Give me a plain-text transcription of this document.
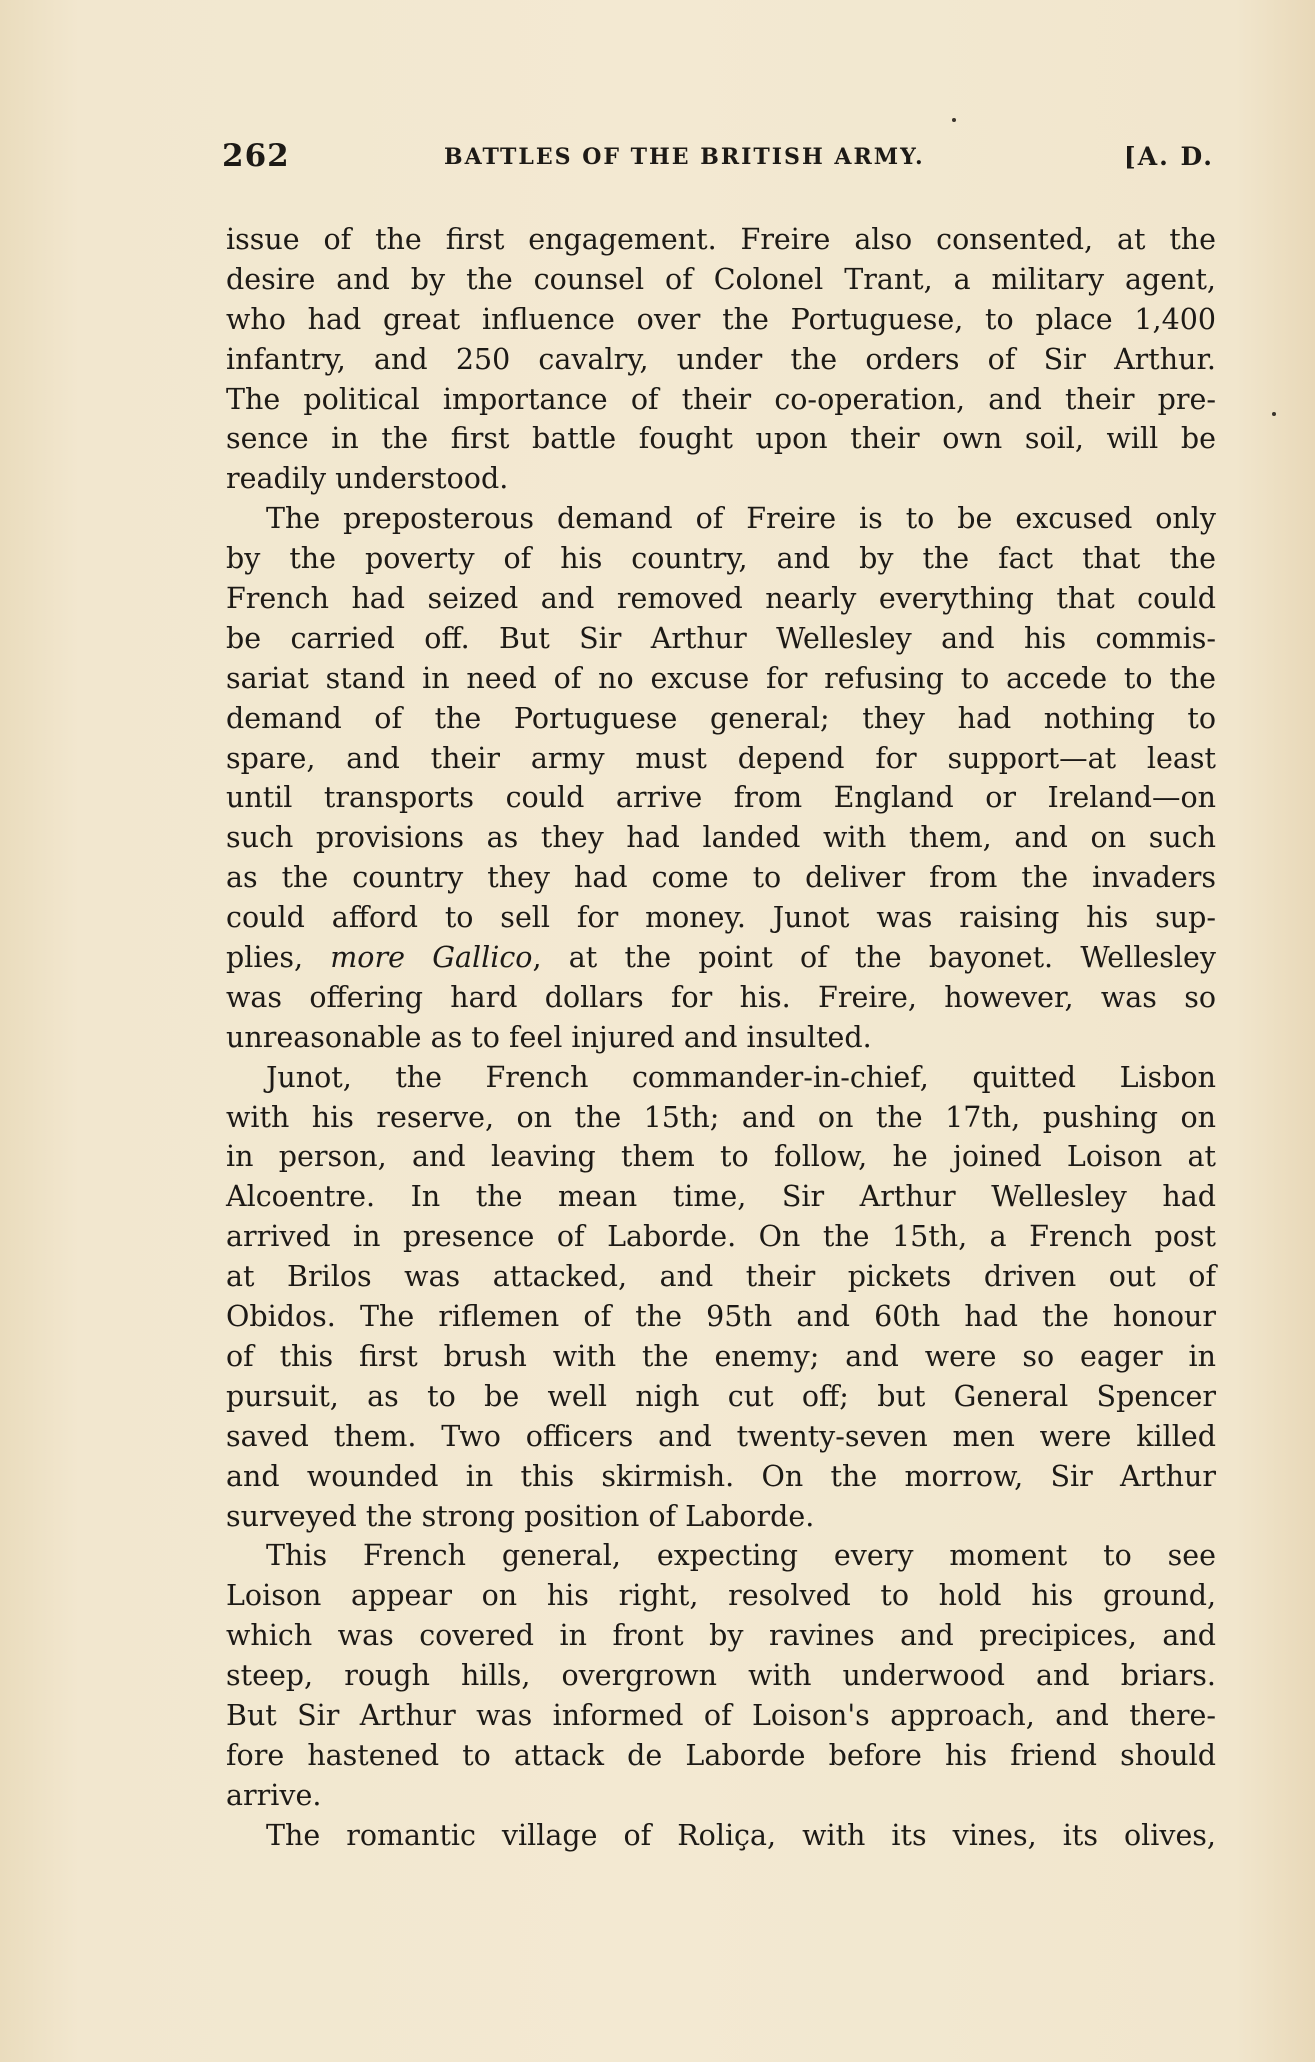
262	BATTLES OF THE BRITISH ARMY.	[A. D.
issue of the first engagement. Freire also consented, at the
desire and by the counsel of Colonel Trant, a military agent,
who had great influence over the Portuguese, to place 1,400
infantry, and 250 cavalry, under the orders of Sir Arthur.
The political importance of their co-operation, and their pre-
sence in the first battle fought upon their own soil, will be
readily understood.
The preposterous demand of Freire is to be excused only
by the poverty of his country, and by the fact that the
French had seized and removed nearly everything that could
be carried off. But Sir Arthur Wellesley and his commis-
sariat stand in need of no excuse for refusing to accede to the
demand of the Portuguese general; they had nothing to
spare, and their army must depend for support—at least
until transports could arrive from England or Ireland—on
such provisions as they had landed with them, and on such
as the country they had come to deliver from the invaders
could afford to sell for money. Junot was raising his sup-
plies, more Gallico, at the point of the bayonet. Wellesley
was offering hard dollars for his. Freire, however, was so
unreasonable as to feel injured and insulted.
Junot, the French commander-in-chief, quitted Lisbon
with his reserve, on the 15th; and on the 17th, pushing on
in person, and leaving them to follow, he joined Loison at
Alcoentre. In the mean time, Sir Arthur Wellesley had
arrived in presence of Laborde. On the 15th, a French post
at Brilos was attacked, and their pickets driven out of
Obidos. The riflemen of the 95th and 60th had the honour
of this first brush with the enemy; and were so eager in
pursuit, as to be well nigh cut off; but General Spencer
saved them. Two officers and twenty-seven men were killed
and wounded in this skirmish. On the morrow, Sir Arthur
surveyed the strong position of Laborde.
This French general, expecting every moment to see
Loison appear on his right, resolved to hold his ground,
which was covered in front by ravines and precipices, and
steep, rough hills, overgrown with underwood and briars.
But Sir Arthur was informed of Loison's approach, and there-
fore hastened to attack de Laborde before his friend should
arrive.
The romantic village of Roliça, with its vines, its olives,
